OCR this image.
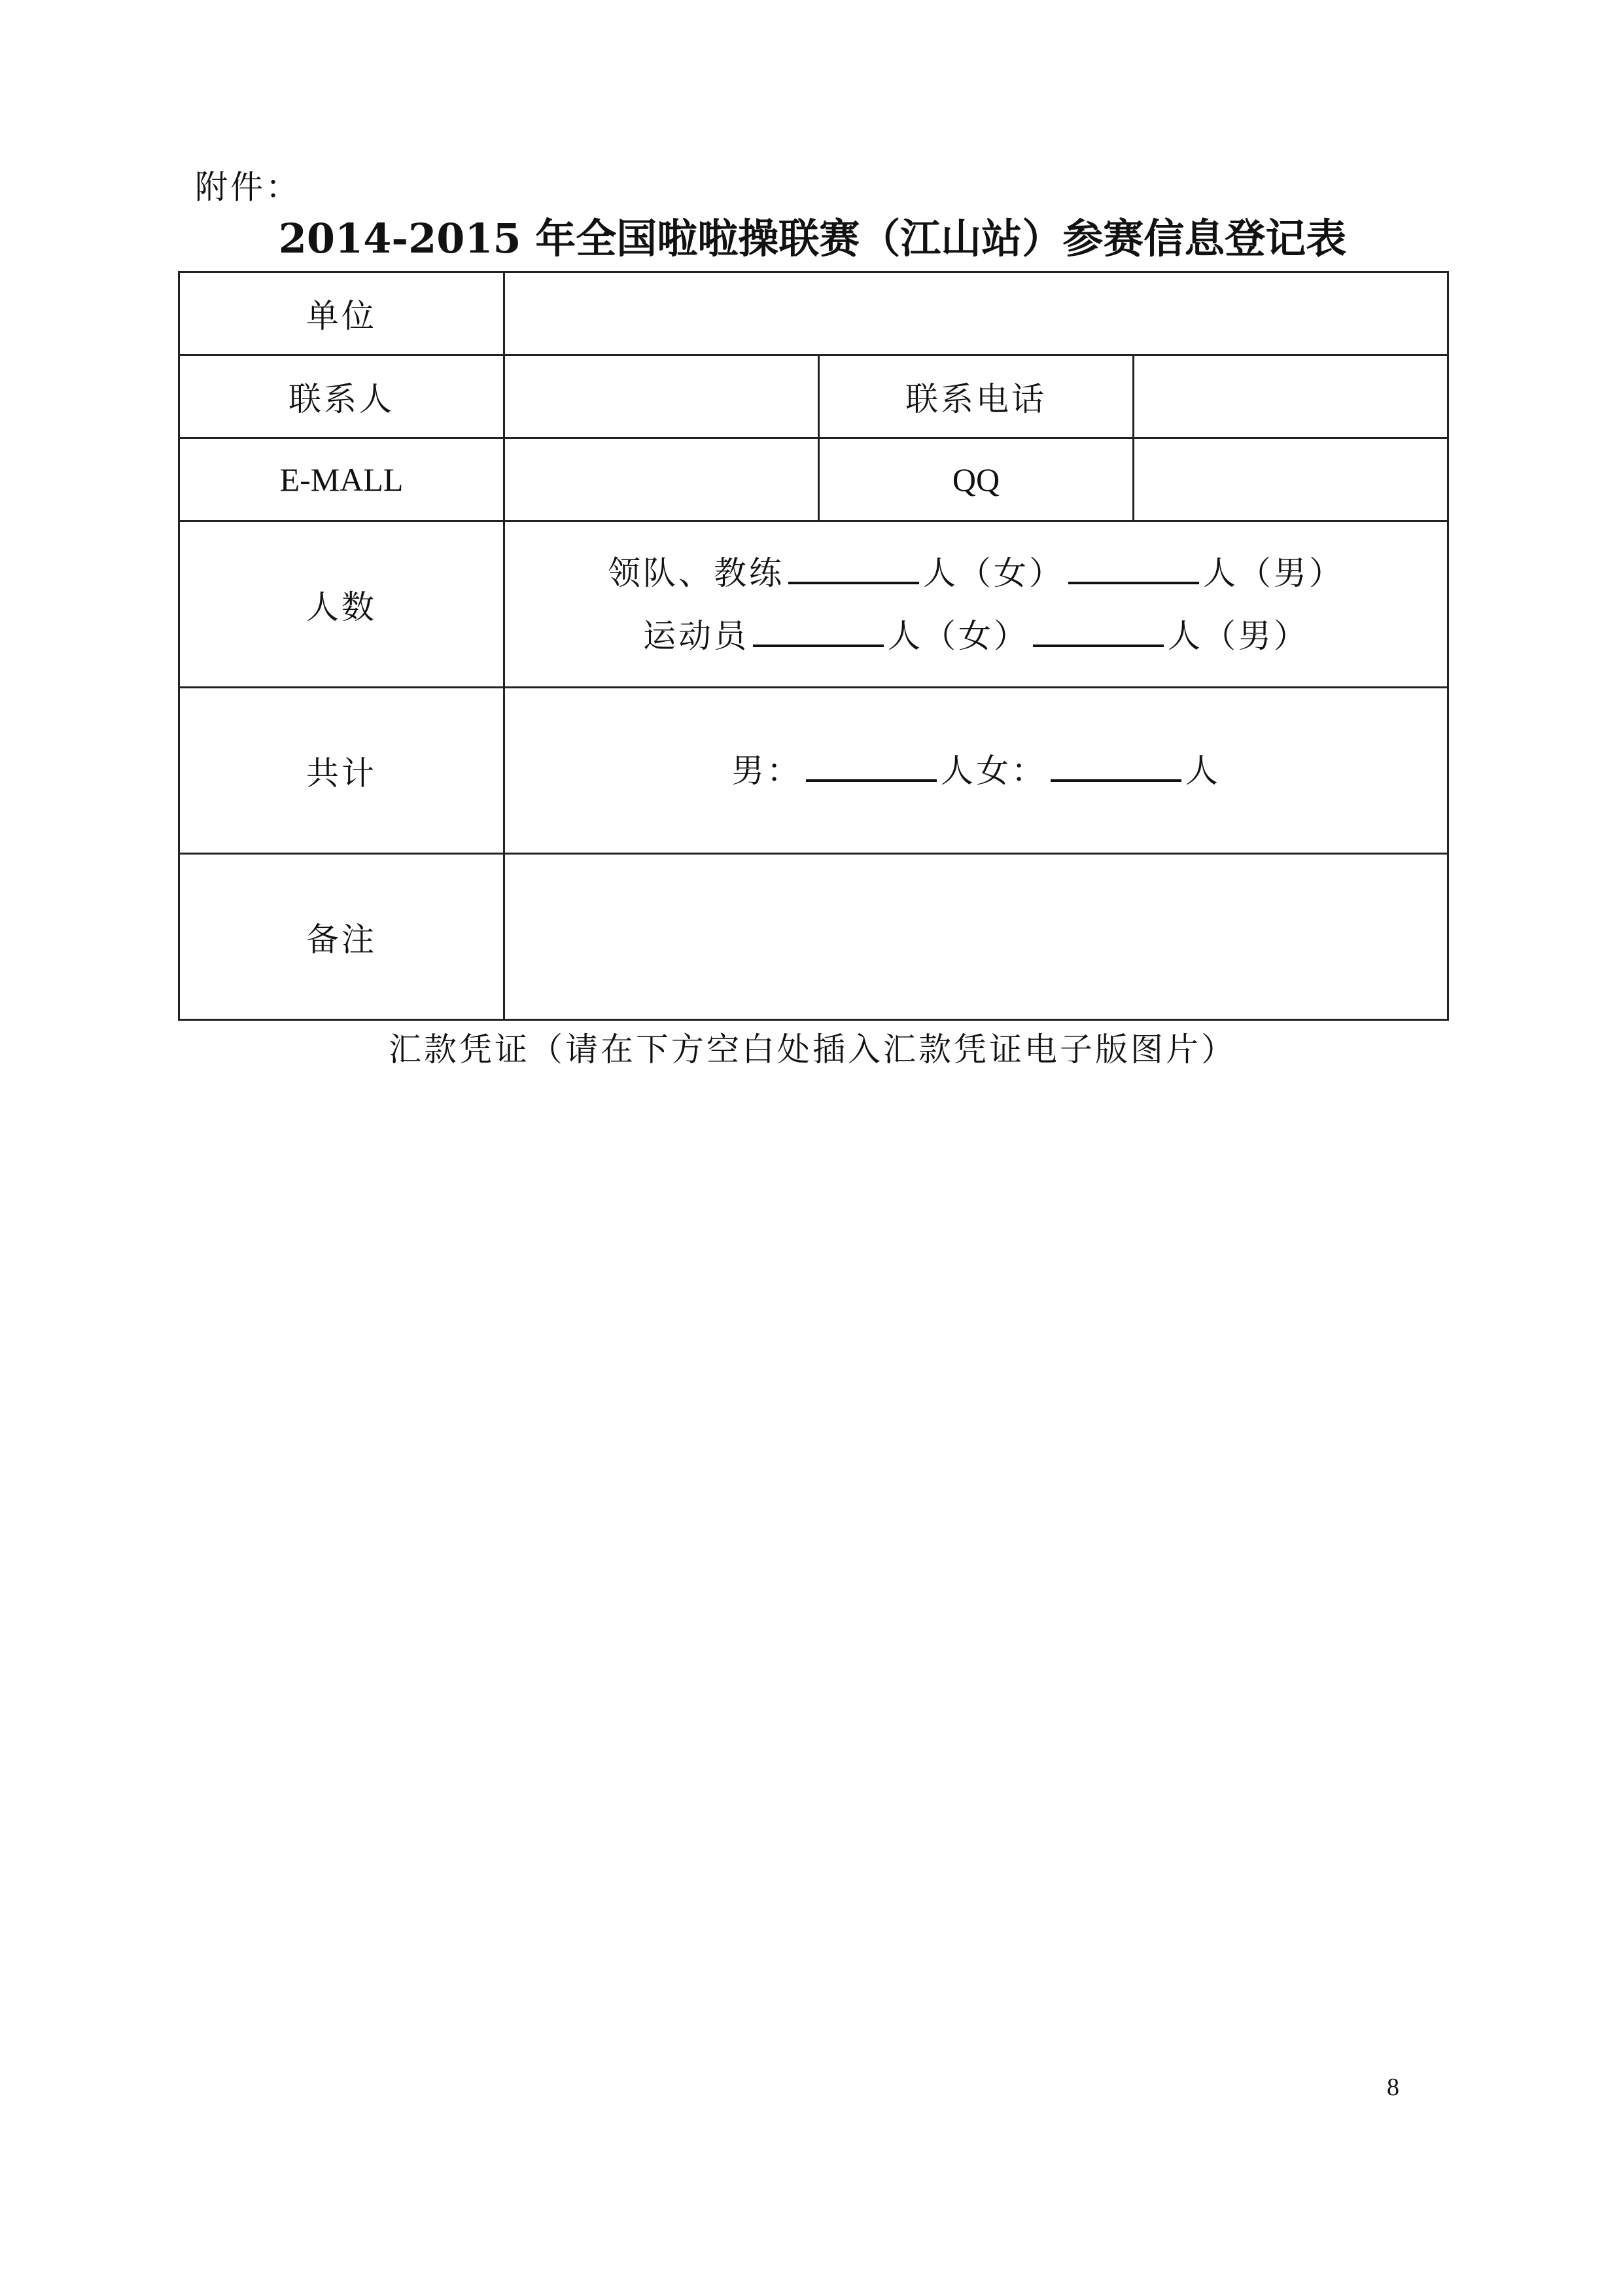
附件：
2014-2015 年全国啦啦操联赛（江山站）参赛信息登记表
单位			
联系人		联系电话	
E-MALL		QQ	
人数	领队、教练 人（女） 人（男）
运动员 人（女） 人（男）		

共计	男： 人女： 人		

备注			
汇款凭证（请在下方空白处插入汇款凭证电子版图片）
8
